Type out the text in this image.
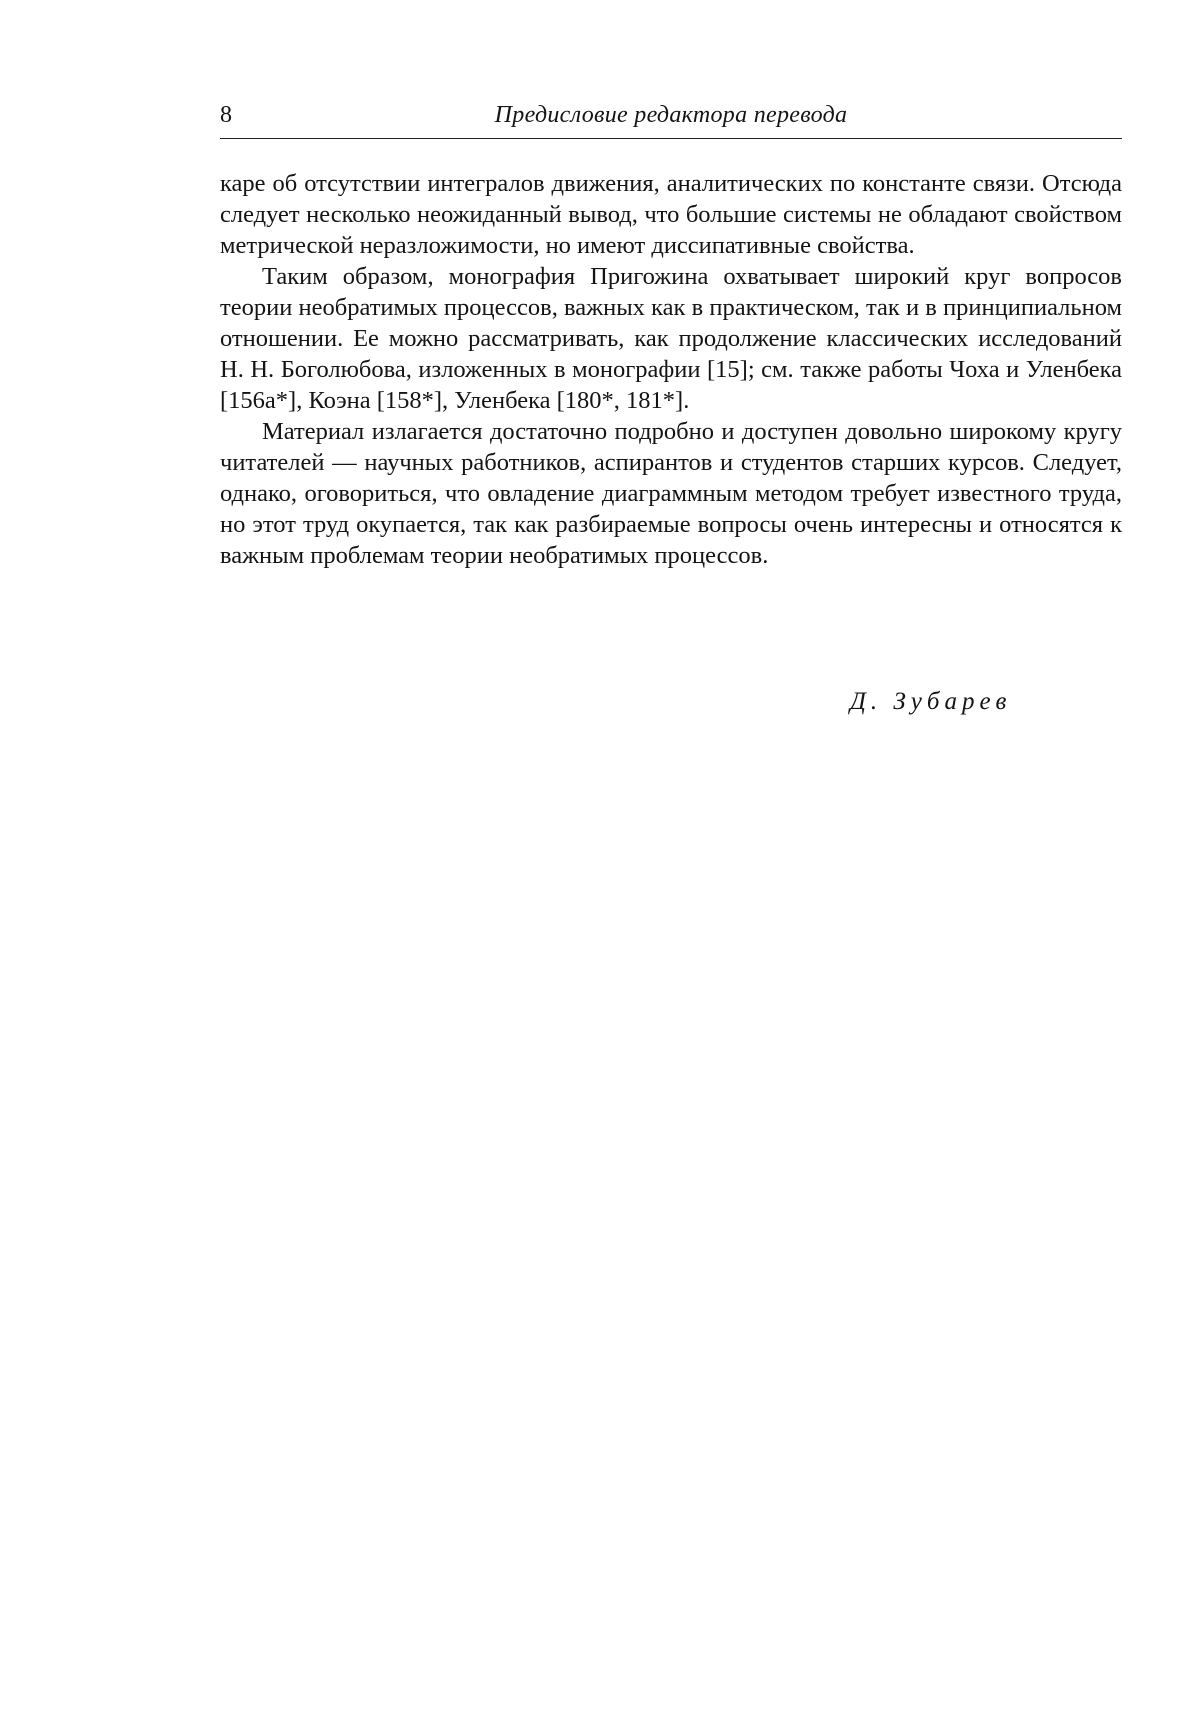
8	Предисловие редактора перевода

каре об отсутствии интегралов движения, аналитических по константе связи. Отсюда следует несколько неожиданный вывод, что большие системы не обладают свойством метрической неразложимости, но имеют диссипативные свойства.

Таким образом, монография Пригожина охватывает широкий круг вопросов теории необратимых процессов, важных как в практическом, так и в принципиальном отношении. Ее можно рассматривать, как продолжение классических исследований Н. Н. Боголюбова, изложенных в монографии [15]; см. также работы Чоха и Уленбека [156а*], Коэна [158*], Уленбека [180*, 181*].

Материал излагается достаточно подробно и доступен довольно широкому кругу читателей — научных работников, аспирантов и студентов старших курсов. Следует, однако, оговориться, что овладение диаграммным методом требует известного труда, но этот труд окупается, так как разбираемые вопросы очень интересны и относятся к важным проблемам теории необратимых процессов.

Д. Зубарев
